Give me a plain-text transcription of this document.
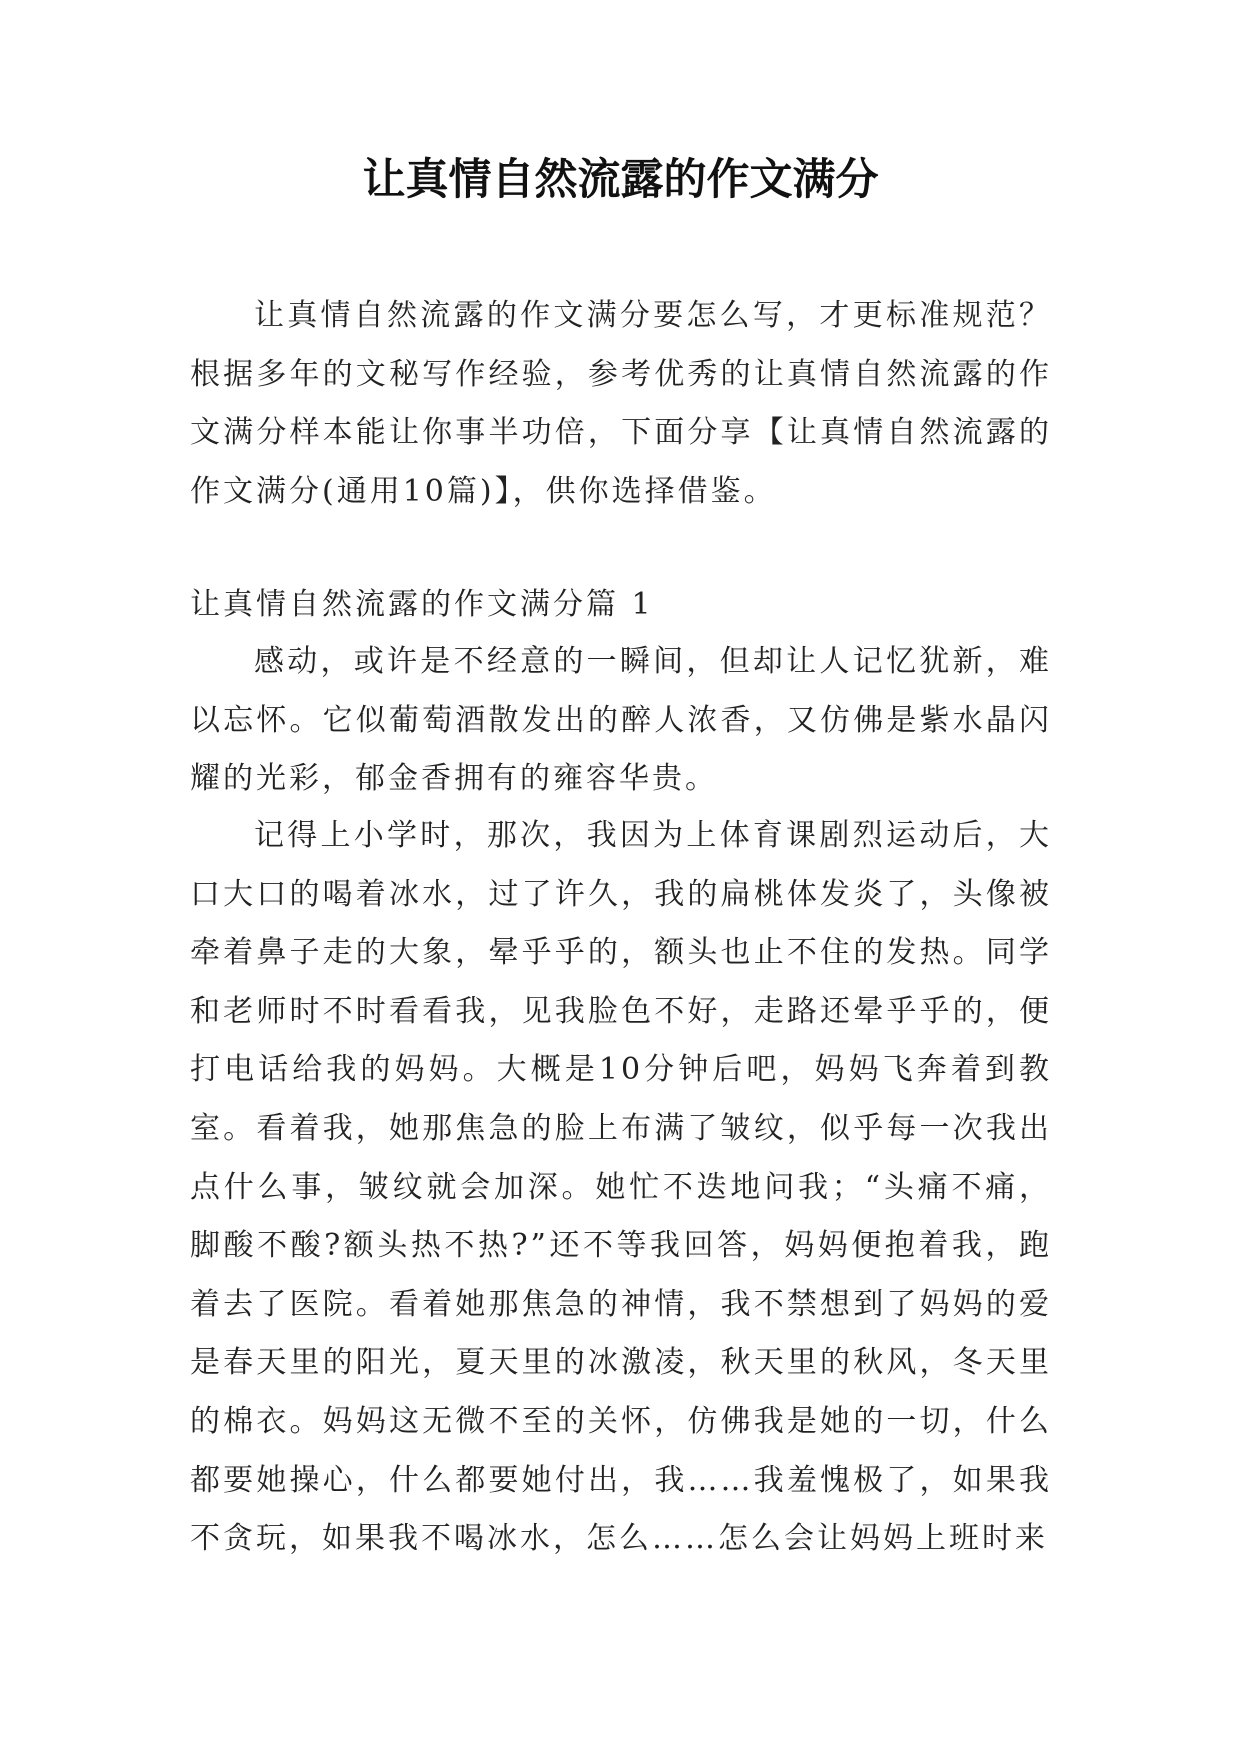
让真情自然流露的作文满分

让真情自然流露的作文满分要怎么写，才更标准规范？根据多年的文秘写作经验，参考优秀的让真情自然流露的作文满分样本能让你事半功倍，下面分享【让真情自然流露的作文满分(通用10篇)】，供你选择借鉴。

让真情自然流露的作文满分篇 1

感动，或许是不经意的一瞬间，但却让人记忆犹新，难以忘怀。它似葡萄酒散发出的醉人浓香，又仿佛是紫水晶闪耀的光彩，郁金香拥有的雍容华贵。

记得上小学时，那次，我因为上体育课剧烈运动后，大口大口的喝着冰水，过了许久，我的扁桃体发炎了，头像被牵着鼻子走的大象，晕乎乎的，额头也止不住的发热。同学和老师时不时看看我，见我脸色不好，走路还晕乎乎的，便打电话给我的妈妈。大概是10分钟后吧，妈妈飞奔着到教室。看着我，她那焦急的脸上布满了皱纹，似乎每一次我出点什么事，皱纹就会加深。她忙不迭地问我；“头痛不痛，脚酸不酸?额头热不热?”还不等我回答，妈妈便抱着我，跑着去了医院。看着她那焦急的神情，我不禁想到了妈妈的爱是春天里的阳光，夏天里的冰激凌，秋天里的秋风，冬天里的棉衣。妈妈这无微不至的关怀，仿佛我是她的一切，什么都要她操心，什么都要她付出，我……我羞愧极了，如果我不贪玩，如果我不喝冰水，怎么……怎么会让妈妈上班时来
